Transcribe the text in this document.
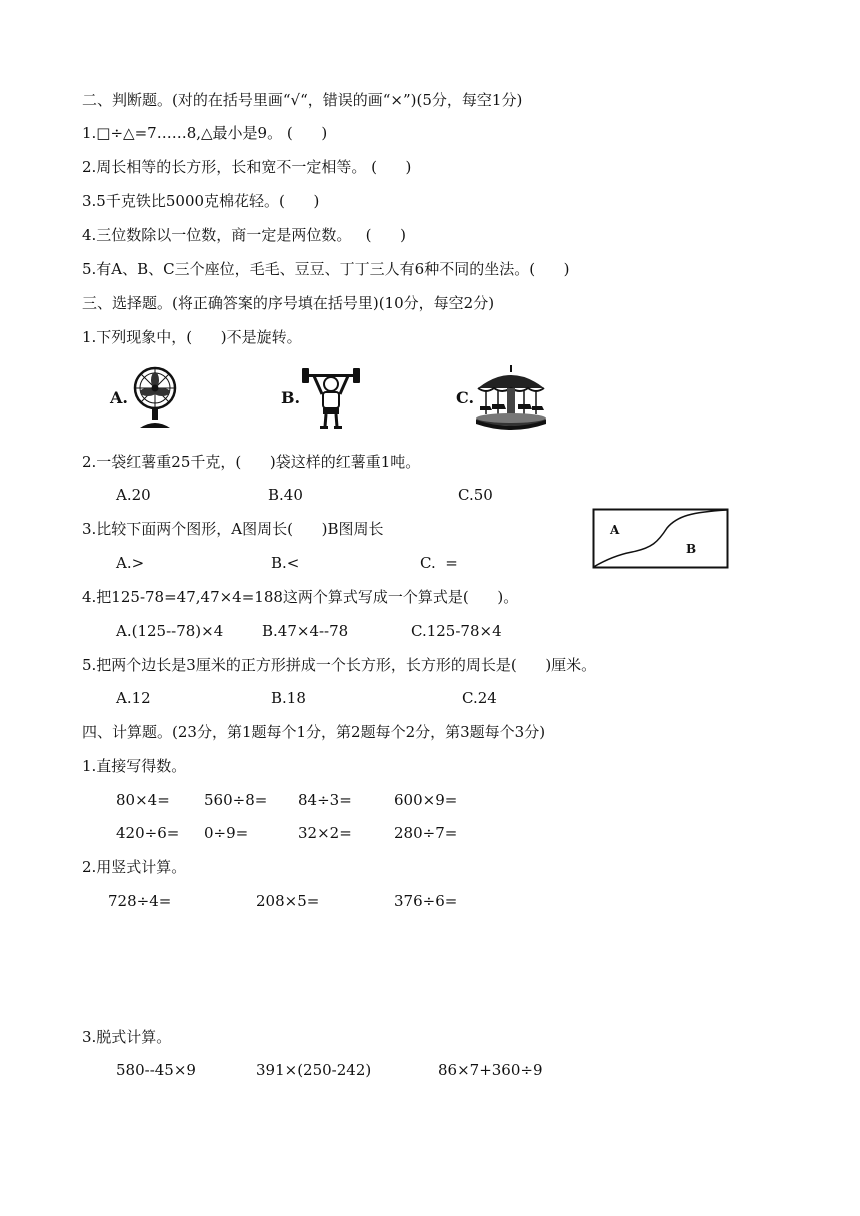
二、判断题。(对的在括号里画“√“，错误的画“×”)(5分，每空1分)
1.□÷△=7……8,△最小是9。 (      )
2.周长相等的长方形，长和宽不一定相等。 (      )
3.5千克铁比5000克棉花轻。(      )
4.三位数除以一位数，商一定是两位数。   (      )
5.有A、B、C三个座位，毛毛、豆豆、丁丁三人有6种不同的坐法。(      )
三、选择题。(将正确答案的序号填在括号里)(10分，每空2分)
1.下列现象中，(      )不是旋转。
A.	B.	C.
2.一袋红薯重25千克，(      )袋这样的红薯重1吨。
A.20	B.40	C.50
3.比较下面两个图形，A图周长(      )B图周长
A.>	B.<	C.  =
A
B
4.把125-78=47,47×4=188这两个算式写成一个算式是(      )。
A.(125--78)×4	B.47×4--78	C.125-78×4
5.把两个边长是3厘米的正方形拼成一个长方形，长方形的周长是(      )厘米。
A.12	B.18	C.24
四、计算题。(23分，第1题每个1分，第2题每个2分，第3题每个3分)
1.直接写得数。
80×4= 560÷8= 84÷3=	600×9=
420÷6= 0÷9=	32×2=	280÷7=
2.用竖式计算。
728÷4=	208×5=	376÷6=
3.脱式计算。
580--45×9	391×(250-242)	86×7+360÷9
